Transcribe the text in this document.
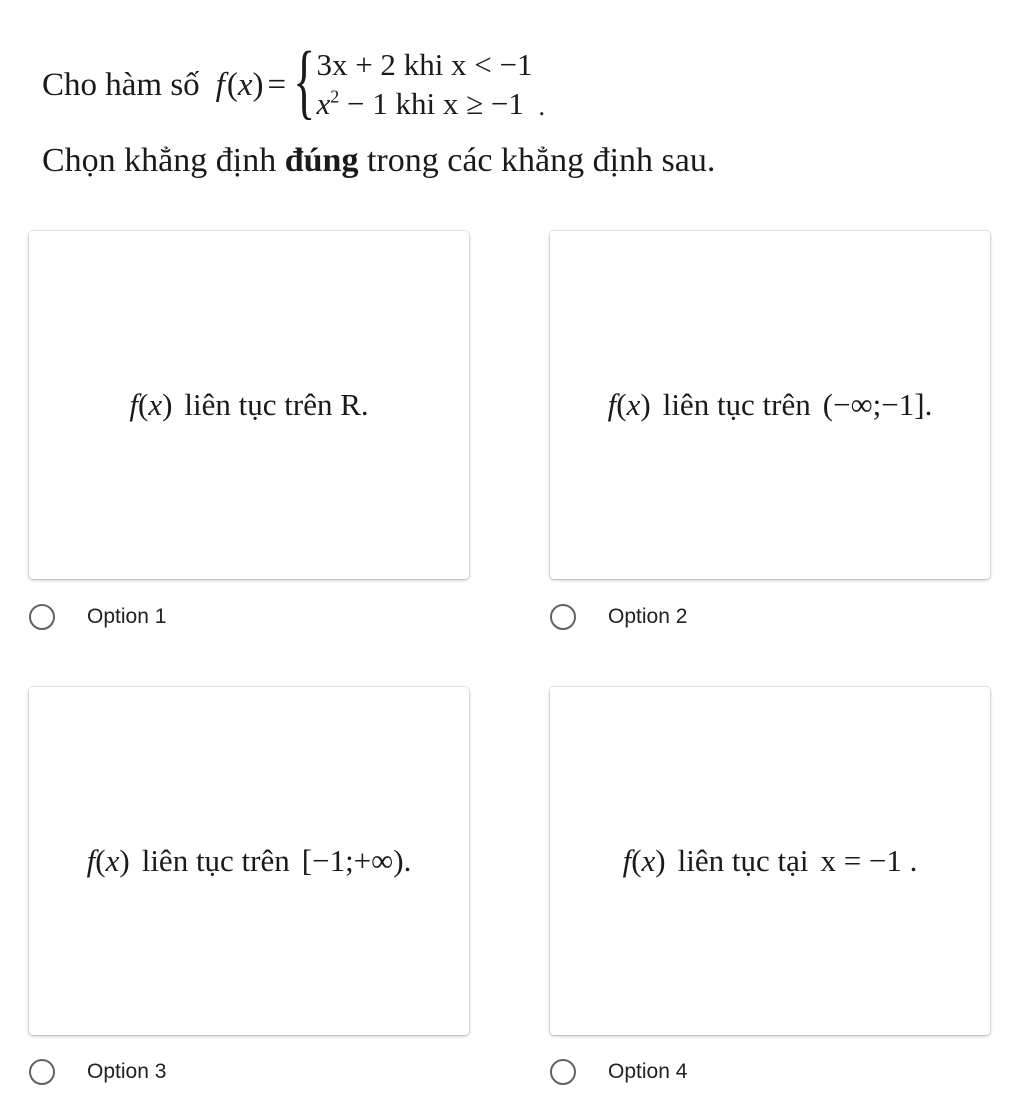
Cho hàm số f ( x ) = { 3x + 2 khi x < −1
$x^2 - 1$ khi x ≥ −1 .
Chọn khẳng định đúng trong các khẳng định sau.
f(x) liên tục trên R.
Option 1
f(x) liên tục trên (−∞;−1].
Option 2
f(x) liên tục trên [−1;+∞).
Option 3
f(x) liên tục tại x = −1 .
Option 4
